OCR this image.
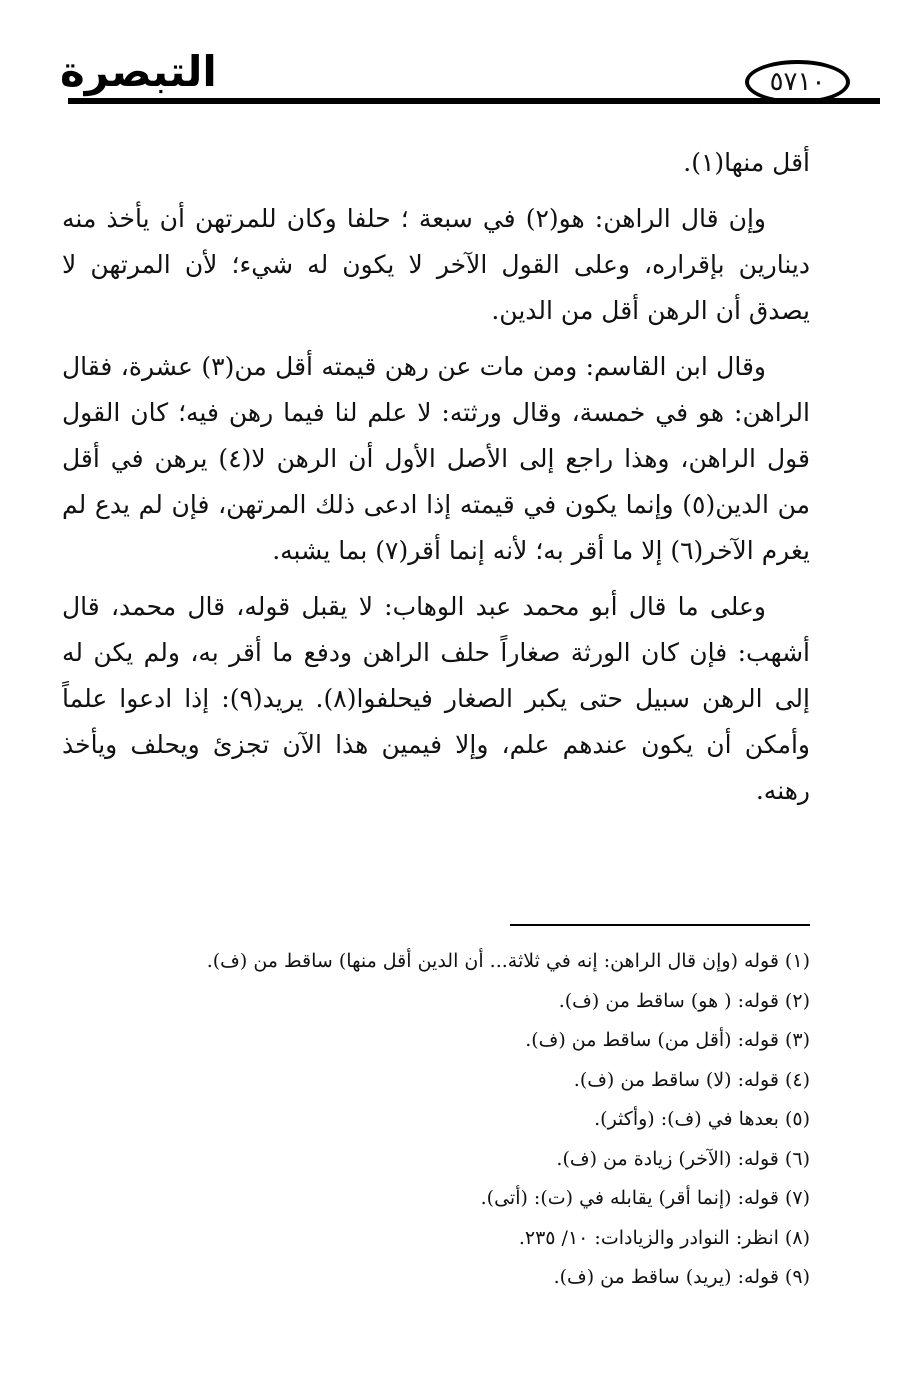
التبصرة	٥٧١٠

أقل منها(١).

وإن قال الراهن: هو(٢) في سبعة ؛ حلفا وكان للمرتهن أن يأخذ منه دينارين بإقراره، وعلى القول الآخر لا يكون له شيء؛ لأن المرتهن لا يصدق أن الرهن أقل من الدين.

وقال ابن القاسم: ومن مات عن رهن قيمته أقل من(٣) عشرة، فقال الراهن: هو في خمسة، وقال ورثته: لا علم لنا فيما رهن فيه؛ كان القول قول الراهن، وهذا راجع إلى الأصل الأول أن الرهن لا(٤) يرهن في أقل من الدين(٥) وإنما يكون في قيمته إذا ادعى ذلك المرتهن، فإن لم يدع لم يغرم الآخر(٦) إلا ما أقر به؛ لأنه إنما أقر(٧) بما يشبه.

وعلى ما قال أبو محمد عبد الوهاب: لا يقبل قوله، قال محمد، قال أشهب: فإن كان الورثة صغاراً حلف الراهن ودفع ما أقر به، ولم يكن له إلى الرهن سبيل حتى يكبر الصغار فيحلفوا(٨). يريد(٩): إذا ادعوا علماً وأمكن أن يكون عندهم علم، وإلا فيمين هذا الآن تجزئ ويحلف ويأخذ رهنه.

(١) قوله (وإن قال الراهن: إنه في ثلاثة... أن الدين أقل منها) ساقط من (ف).

(٢) قوله: ( هو) ساقط من (ف).

(٣) قوله: (أقل من) ساقط من (ف).

(٤) قوله: (لا) ساقط من (ف).

(٥) بعدها في (ف): (وأكثر).

(٦) قوله: (الآخر) زيادة من (ف).

(٧) قوله: (إنما أقر) يقابله في (ت): (أتى).

(٨) انظر: النوادر والزيادات: ١٠/ ٢٣٥.

(٩) قوله: (يريد) ساقط من (ف).
